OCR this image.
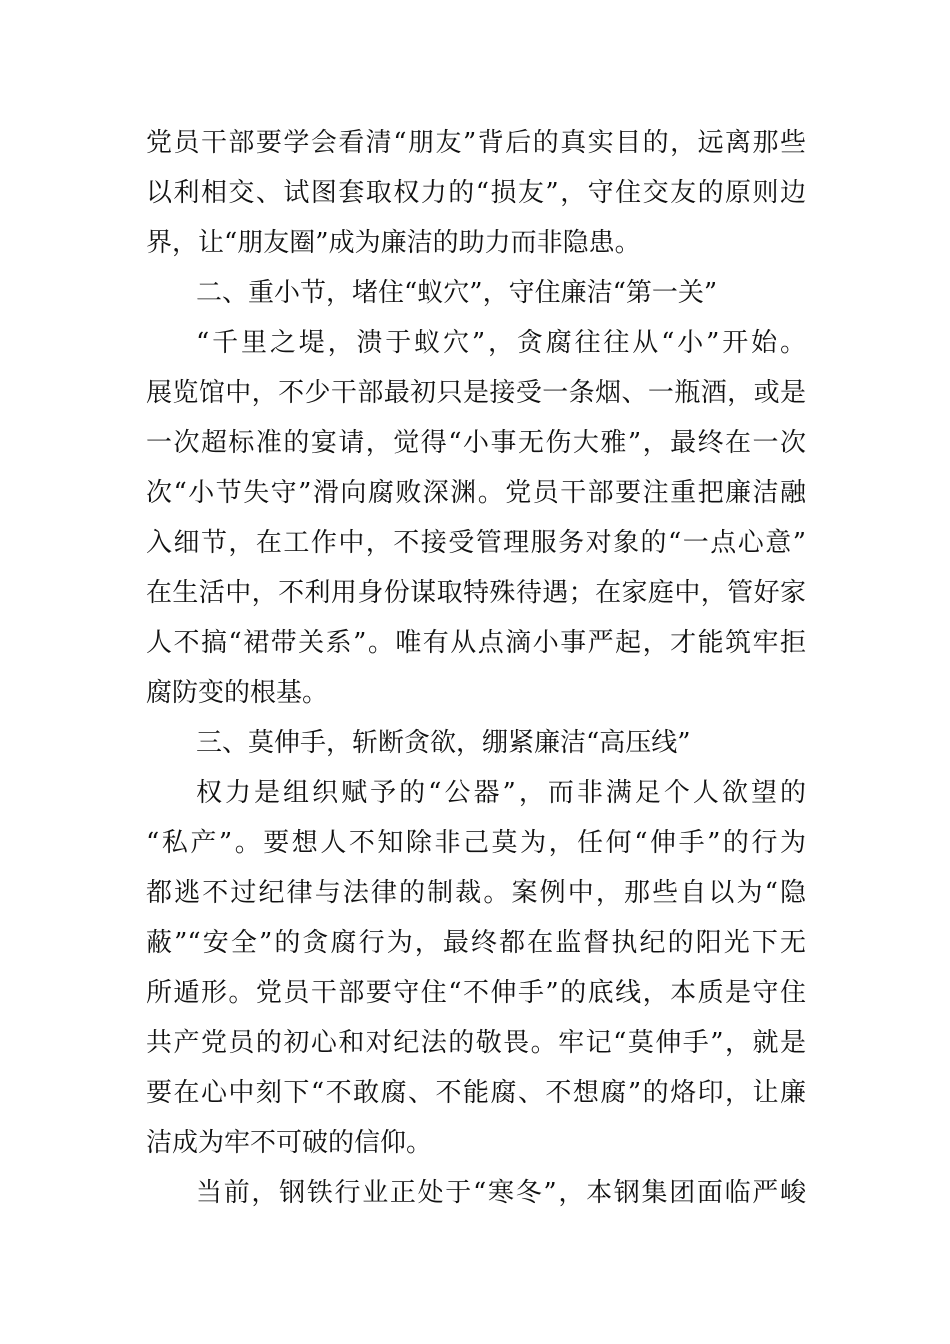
党员干部要学会看清“朋友”背后的真实目的，远离那些
以利相交、试图套取权力的“损友”，守住交友的原则边
界，让“朋友圈”成为廉洁的助力而非隐患。
二、重小节，堵住“蚁穴”，守住廉洁“第一关”
“千里之堤，溃于蚁穴”，贪腐往往从“小”开始。
展览馆中，不少干部最初只是接受一条烟、一瓶酒，或是
一次超标准的宴请，觉得“小事无伤大雅”，最终在一次
次“小节失守”滑向腐败深渊。党员干部要注重把廉洁融
入细节，在工作中，不接受管理服务对象的“一点心意”
在生活中，不利用身份谋取特殊待遇；在家庭中，管好家
人不搞“裙带关系”。唯有从点滴小事严起，才能筑牢拒
腐防变的根基。
三、莫伸手，斩断贪欲，绷紧廉洁“高压线”
权力是组织赋予的“公器”，而非满足个人欲望的
“私产”。要想人不知除非己莫为，任何“伸手”的行为
都逃不过纪律与法律的制裁。案例中，那些自以为“隐
蔽”“安全”的贪腐行为，最终都在监督执纪的阳光下无
所遁形。党员干部要守住“不伸手”的底线，本质是守住
共产党员的初心和对纪法的敬畏。牢记“莫伸手”，就是
要在心中刻下“不敢腐、不能腐、不想腐”的烙印，让廉
洁成为牢不可破的信仰。
当前，钢铁行业正处于“寒冬”，本钢集团面临严峻
